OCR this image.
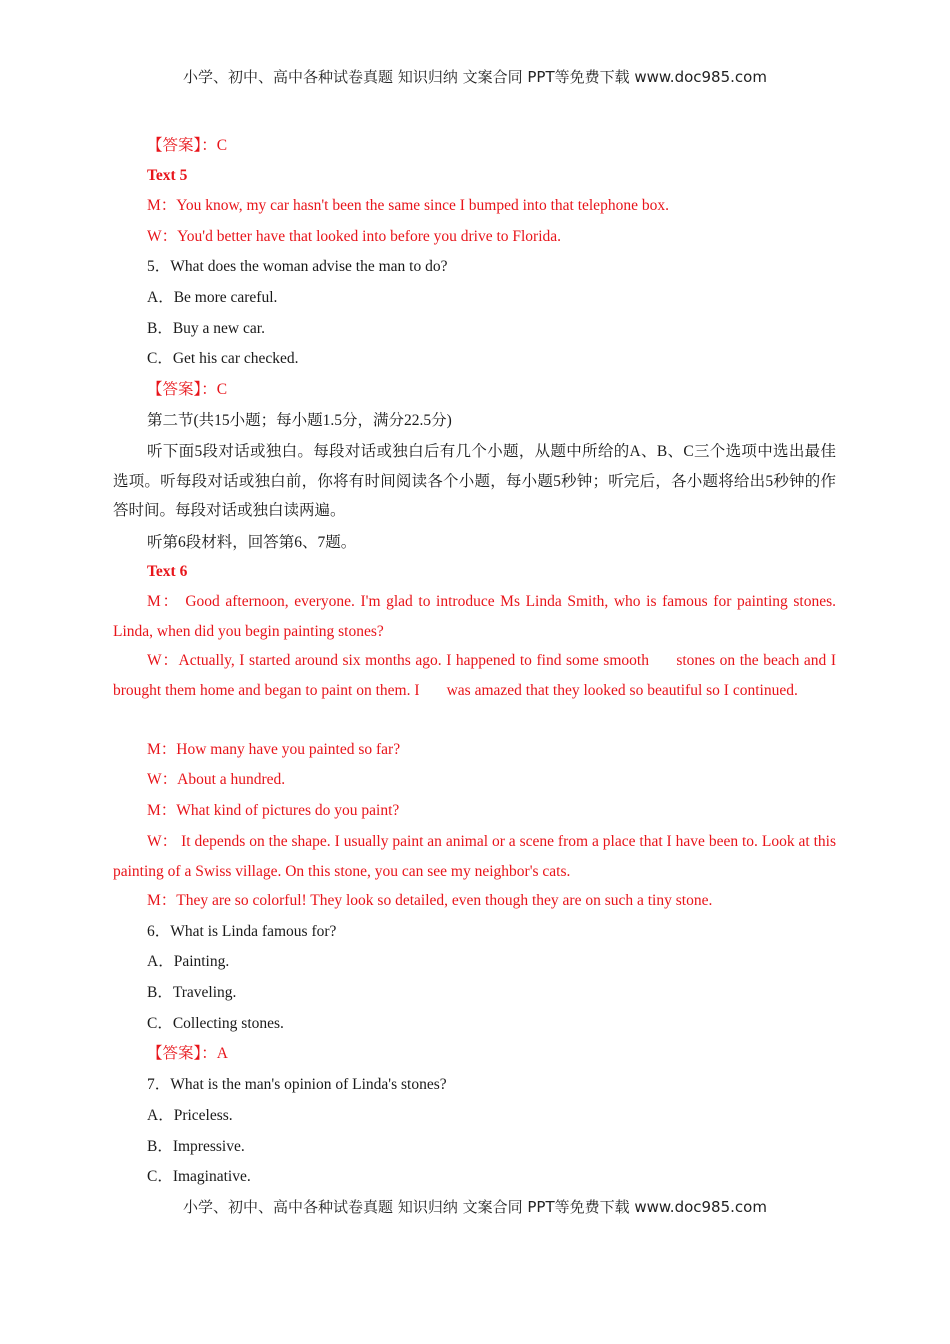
小学、初中、高中各种试卷真题 知识归纳 文案合同 PPT等免费下载 www.doc985.com
【答案】：C
Text 5
M：You know, my car hasn't been the same since I bumped into that telephone box.
W：You'd better have that looked into before you drive to Florida.
5．What does the woman advise the man to do?
A．Be more careful.
B．Buy a new car.
C．Get his car checked.
【答案】：C
第二节(共15小题；每小题1.5分，满分22.5分)
听下面5段对话或独白。每段对话或独白后有几个小题，从题中所给的A、B、C三个选项中选出最佳选项。听每段对话或独白前，你将有时间阅读各个小题，每小题5秒钟；听完后，各小题将给出5秒钟的作答时间。每段对话或独白读两遍。
听第6段材料，回答第6、7题。
Text 6
M： Good afternoon, everyone. I'm glad to introduce Ms Linda Smith, who is famous for painting stones. Linda, when did you begin painting stones?
W：Actually, I started around six months ago. I happened to find some smooth      stones on the beach and I brought them home and began to paint on them. I       was amazed that they looked so beautiful so I continued.
M：How many have you painted so far?
W：About a hundred.
M：What kind of pictures do you paint?
W： It depends on the shape. I usually paint an animal or a scene from a place that I have been to. Look at this painting of a Swiss village. On this stone, you can see my neighbor's cats.
M：They are so colorful! They look so detailed, even though they are on such a tiny stone.
6．What is Linda famous for?
A．Painting.
B．Traveling.
C．Collecting stones.
【答案】：A
7．What is the man's opinion of Linda's stones?
A．Priceless.
B．Impressive.
C．Imaginative.
小学、初中、高中各种试卷真题 知识归纳 文案合同 PPT等免费下载 www.doc985.com
